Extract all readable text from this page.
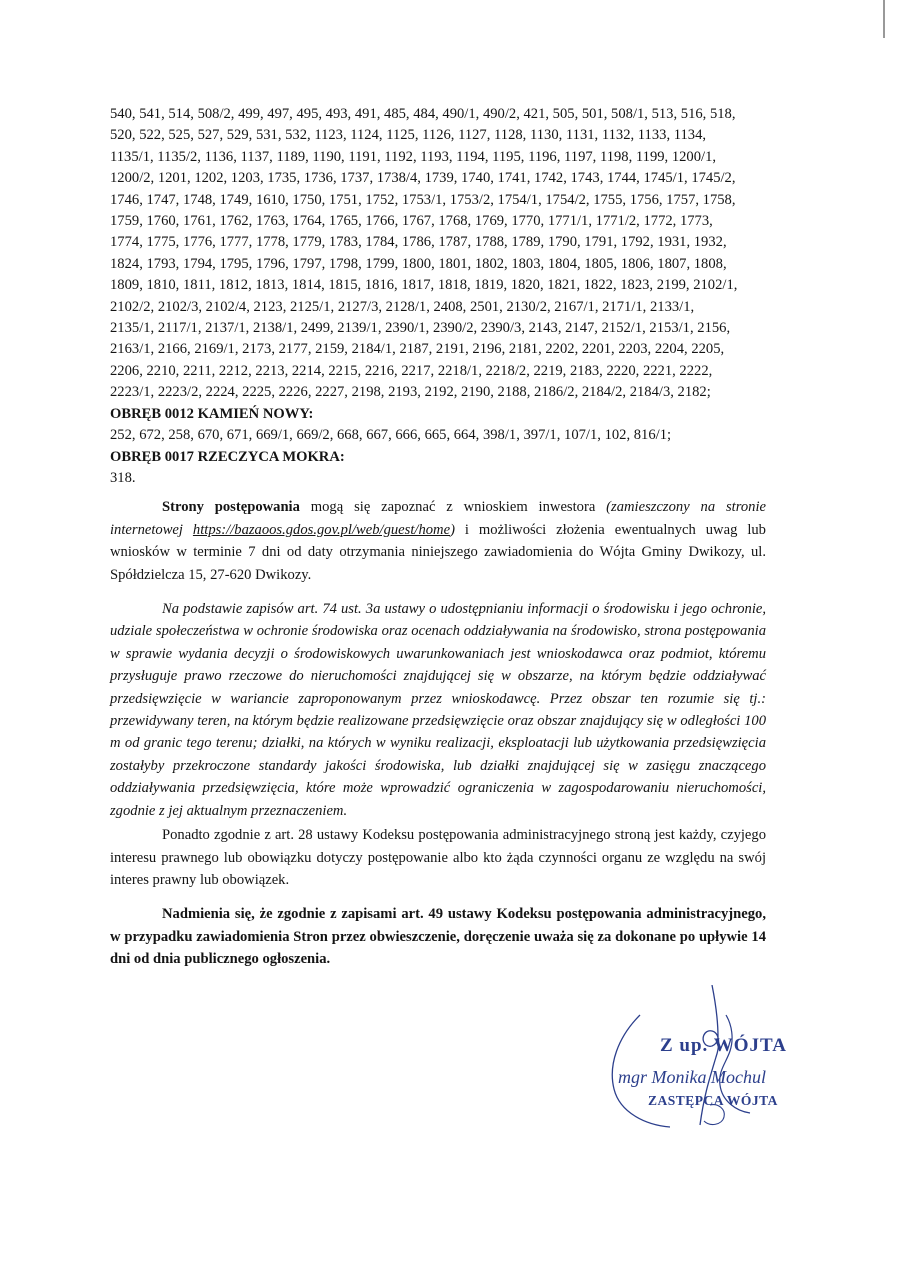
540, 541, 514, 508/2, 499, 497, 495, 493, 491, 485, 484, 490/1, 490/2, 421, 505, 501, 508/1, 513, 516, 518,
520, 522, 525, 527, 529, 531, 532, 1123, 1124, 1125, 1126, 1127, 1128, 1130, 1131, 1132, 1133, 1134,
1135/1, 1135/2, 1136, 1137, 1189, 1190, 1191, 1192, 1193, 1194, 1195, 1196, 1197, 1198, 1199, 1200/1,
1200/2, 1201, 1202, 1203, 1735, 1736, 1737, 1738/4, 1739, 1740, 1741, 1742, 1743, 1744, 1745/1, 1745/2,
1746, 1747, 1748, 1749, 1610, 1750, 1751, 1752, 1753/1, 1753/2, 1754/1, 1754/2, 1755, 1756, 1757, 1758,
1759, 1760, 1761, 1762, 1763, 1764, 1765, 1766, 1767, 1768, 1769, 1770, 1771/1, 1771/2, 1772, 1773,
1774, 1775, 1776, 1777, 1778, 1779, 1783, 1784, 1786, 1787, 1788, 1789, 1790, 1791, 1792, 1931, 1932,
1824, 1793, 1794, 1795, 1796, 1797, 1798, 1799, 1800, 1801, 1802, 1803, 1804, 1805, 1806, 1807, 1808,
1809, 1810, 1811, 1812, 1813, 1814, 1815, 1816, 1817, 1818, 1819, 1820, 1821, 1822, 1823, 2199, 2102/1,
2102/2, 2102/3, 2102/4, 2123, 2125/1, 2127/3, 2128/1, 2408, 2501, 2130/2, 2167/1, 2171/1, 2133/1,
2135/1, 2117/1, 2137/1, 2138/1, 2499, 2139/1, 2390/1, 2390/2, 2390/3, 2143, 2147, 2152/1, 2153/1, 2156,
2163/1, 2166, 2169/1, 2173, 2177, 2159, 2184/1, 2187, 2191, 2196, 2181, 2202, 2201, 2203, 2204, 2205,
2206, 2210, 2211, 2212, 2213, 2214, 2215, 2216, 2217, 2218/1, 2218/2, 2219, 2183, 2220, 2221, 2222,
2223/1, 2223/2, 2224, 2225, 2226, 2227, 2198, 2193, 2192, 2190, 2188, 2186/2, 2184/2, 2184/3, 2182;
OBRĘB 0012 KAMIEŃ NOWY:
252, 672, 258, 670, 671, 669/1, 669/2, 668, 667, 666, 665, 664, 398/1, 397/1, 107/1, 102, 816/1;
OBRĘB 0017 RZECZYCA MOKRA:
318.

Strony postępowania mogą się zapoznać z wnioskiem inwestora (zamieszczony na stronie internetowej https://bazaoos.gdos.gov.pl/web/guest/home) i możliwości złożenia ewentualnych uwag lub wniosków w terminie 7 dni od daty otrzymania niniejszego zawiadomienia do Wójta Gminy Dwikozy, ul. Spółdzielcza 15, 27-620 Dwikozy.

Na podstawie zapisów art. 74 ust. 3a ustawy o udostępnianiu informacji o środowisku i jego ochronie, udziale społeczeństwa w ochronie środowiska oraz ocenach oddziaływania na środowisko, strona postępowania w sprawie wydania decyzji o środowiskowych uwarunkowaniach jest wnioskodawca oraz podmiot, któremu przysługuje prawo rzeczowe do nieruchomości znajdującej się w obszarze, na którym będzie oddziaływać przedsięwzięcie w wariancie zaproponowanym przez wnioskodawcę. Przez obszar ten rozumie się tj.: przewidywany teren, na którym będzie realizowane przedsięwzięcie oraz obszar znajdujący się w odległości 100 m od granic tego terenu; działki, na których w wyniku realizacji, eksploatacji lub użytkowania przedsięwzięcia zostałyby przekroczone standardy jakości środowiska, lub działki znajdującej się w zasięgu znaczącego oddziaływania przedsięwzięcia, które może wprowadzić ograniczenia w zagospodarowaniu nieruchomości, zgodnie z jej aktualnym przeznaczeniem.

Ponadto zgodnie z art. 28 ustawy Kodeksu postępowania administracyjnego stroną jest każdy, czyjego interesu prawnego lub obowiązku dotyczy postępowanie albo kto żąda czynności organu ze względu na swój interes prawny lub obowiązek.

Nadmienia się, że zgodnie z zapisami art. 49 ustawy Kodeksu postępowania administracyjnego, w przypadku zawiadomienia Stron przez obwieszczenie, doręczenie uważa się za dokonane po upływie 14 dni od dnia publicznego ogłoszenia.

Z up. WÓJTA
mgr Monika Mochul
ZASTĘPCA WÓJTA
